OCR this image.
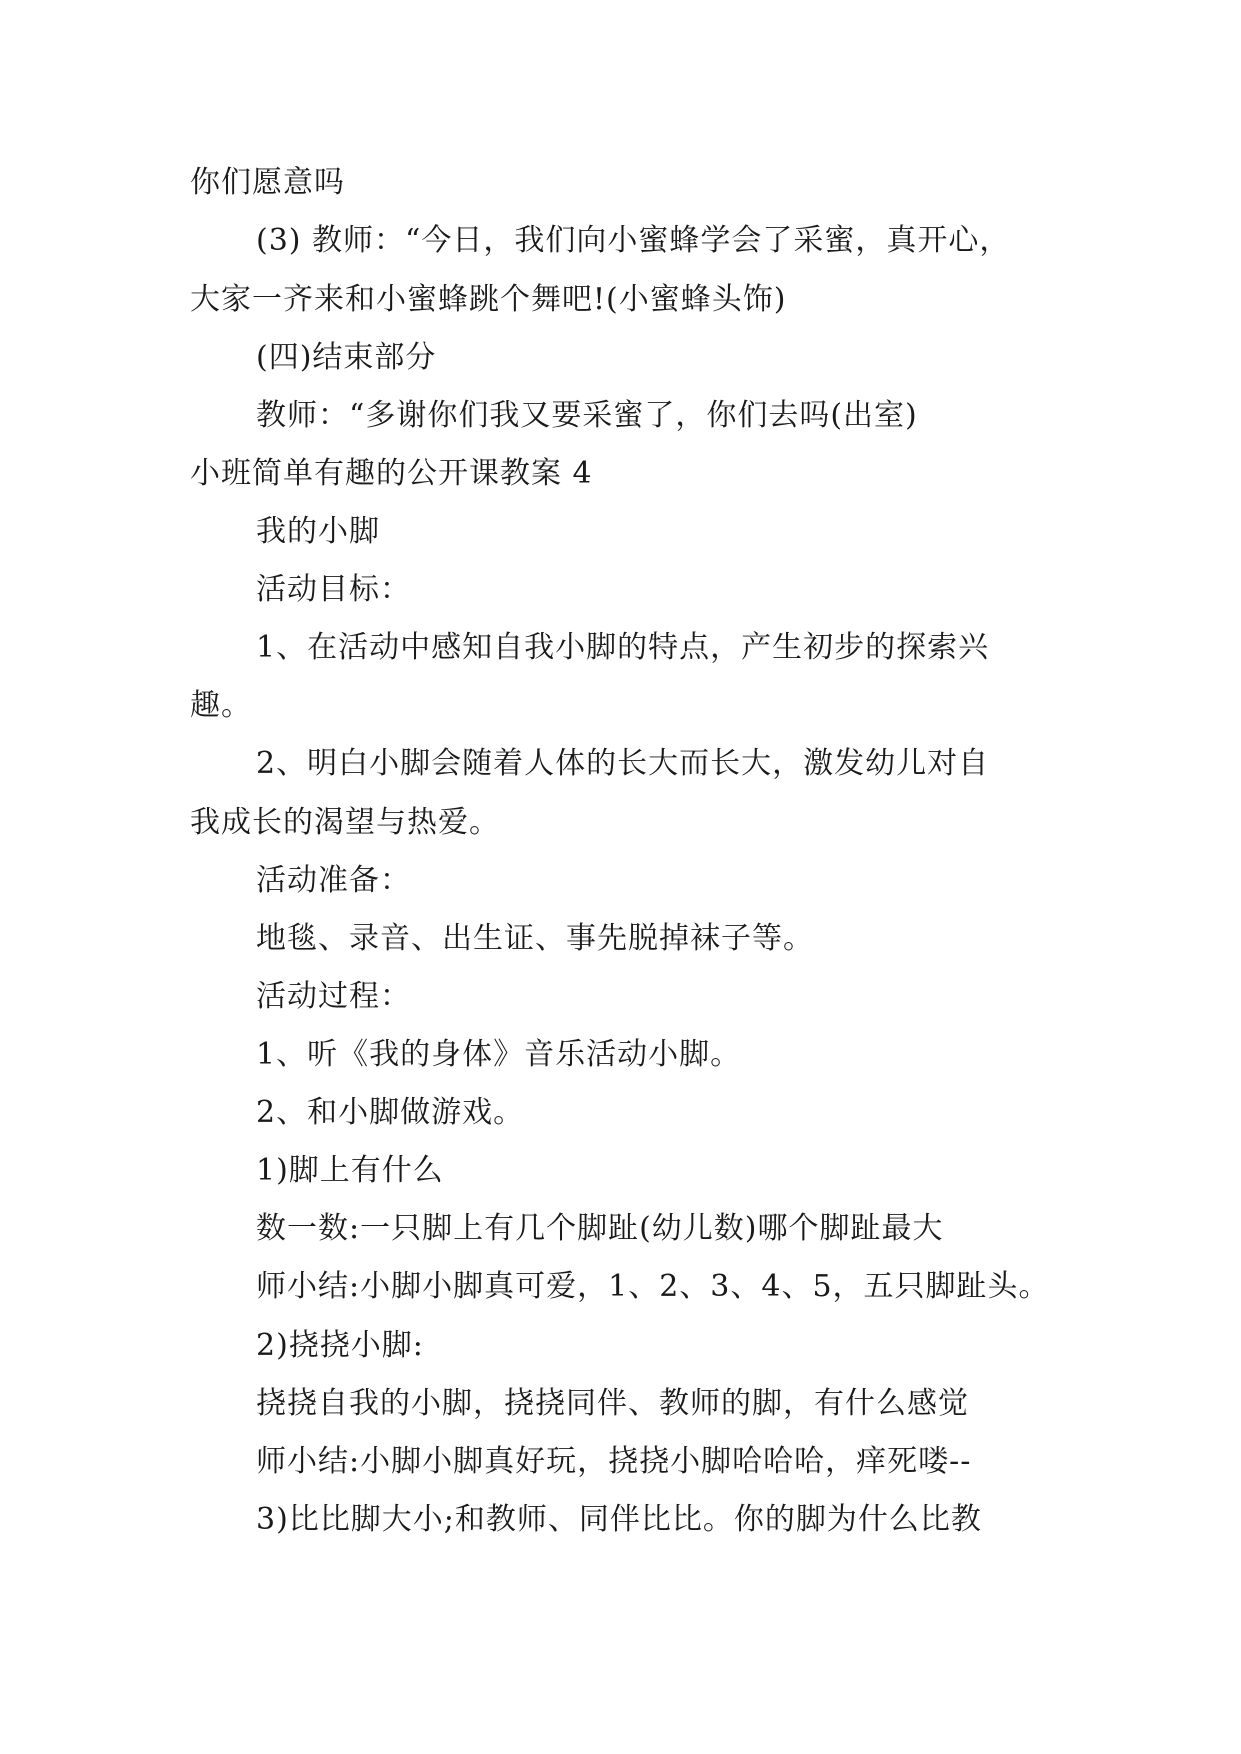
你们愿意吗
(3) 教师：“今日，我们向小蜜蜂学会了采蜜，真开心，
大家一齐来和小蜜蜂跳个舞吧!(小蜜蜂头饰)
(四)结束部分
教师：“多谢你们我又要采蜜了，你们去吗(出室)
小班简单有趣的公开课教案 4
我的小脚
活动目标：
1、在活动中感知自我小脚的特点，产生初步的探索兴
趣。
2、明白小脚会随着人体的长大而长大，激发幼儿对自
我成长的渴望与热爱。
活动准备：
地毯、录音、出生证、事先脱掉袜子等。
活动过程：
1、听《我的身体》音乐活动小脚。
2、和小脚做游戏。
1)脚上有什么
数一数:一只脚上有几个脚趾(幼儿数)哪个脚趾最大
师小结:小脚小脚真可爱，1、2、3、4、5，五只脚趾头。
2)挠挠小脚:
挠挠自我的小脚，挠挠同伴、教师的脚，有什么感觉
师小结:小脚小脚真好玩，挠挠小脚哈哈哈，痒死喽--
3)比比脚大小;和教师、同伴比比。你的脚为什么比教
